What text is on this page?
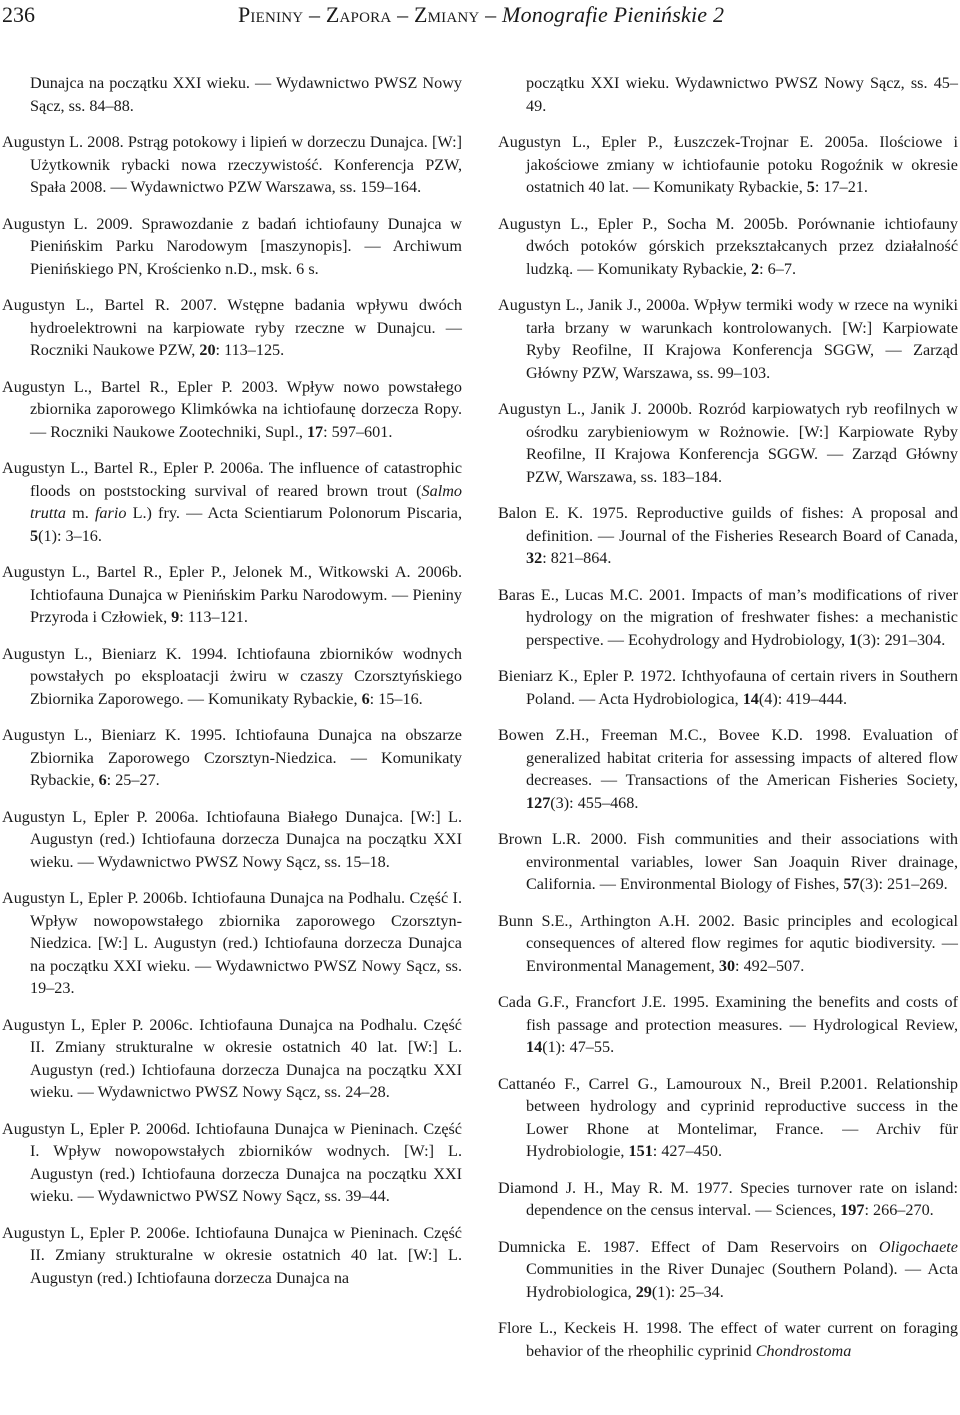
236	Pieniny – Zapora – Zmiany – Monografie Pienińskie 2

Dunajca na początku XXI wieku. — Wydawnictwo PWSZ Nowy Sącz, ss. 84–88.

Augustyn L. 2008. Pstrąg potokowy i lipień w dorzeczu Dunajca. [W:] Użytkownik rybacki nowa rzeczywistość. Konferencja PZW, Spała 2008. — Wydawnictwo PZW Warszawa, ss. 159–164.

Augustyn L. 2009. Sprawozdanie z badań ichtiofauny Dunajca w Pienińskim Parku Narodowym [maszynopis]. — Archiwum Pienińskiego PN, Krościenko n.D., msk. 6 s.

Augustyn L., Bartel R. 2007. Wstępne badania wpływu dwóch hydroelektrowni na karpiowate ryby rzeczne w Dunajcu. — Roczniki Naukowe PZW, 20: 113–125.

Augustyn L., Bartel R., Epler P. 2003. Wpływ nowo powstałego zbiornika zaporowego Klimkówka na ichtiofaunę dorzecza Ropy. — Roczniki Naukowe Zootechniki, Supl., 17: 597–601.

Augustyn L., Bartel R., Epler P. 2006a. The influence of catastrophic floods on poststocking survival of reared brown trout (Salmo trutta m. fario L.) fry. — Acta Scientiarum Polonorum Piscaria, 5(1): 3–16.

Augustyn L., Bartel R., Epler P., Jelonek M., Witkowski A. 2006b. Ichtiofauna Dunajca w Pienińskim Parku Narodowym. — Pieniny Przyroda i Człowiek, 9: 113–121.

Augustyn L., Bieniarz K. 1994. Ichtiofauna zbiorników wodnych powstałych po eksploatacji żwiru w czaszy Czorsztyńskiego Zbiornika Zaporowego. — Komunikaty Rybackie, 6: 15–16.

Augustyn L., Bieniarz K. 1995. Ichtiofauna Dunajca na obszarze Zbiornika Zaporowego Czorsztyn-Niedzica. — Komunikaty Rybackie, 6: 25–27.

Augustyn L, Epler P. 2006a. Ichtiofauna Białego Dunajca. [W:] L. Augustyn (red.) Ichtiofauna dorzecza Dunajca na początku XXI wieku. — Wydawnictwo PWSZ Nowy Sącz, ss. 15–18.

Augustyn L, Epler P. 2006b. Ichtiofauna Dunajca na Podhalu. Część I. Wpływ nowopowstałego zbiornika zaporowego Czorsztyn-Niedzica. [W:] L. Augustyn (red.) Ichtiofauna dorzecza Dunajca na początku XXI wieku. — Wydawnictwo PWSZ Nowy Sącz, ss. 19–23.

Augustyn L, Epler P. 2006c. Ichtiofauna Dunajca na Podhalu. Część II. Zmiany strukturalne w okresie ostatnich 40 lat. [W:] L. Augustyn (red.) Ichtiofauna dorzecza Dunajca na początku XXI wieku. — Wydawnictwo PWSZ Nowy Sącz, ss. 24–28.

Augustyn L, Epler P. 2006d. Ichtiofauna Dunajca w Pieninach. Część I. Wpływ nowopowstałych zbiorników wodnych. [W:] L. Augustyn (red.) Ichtiofauna dorzecza Dunajca na początku XXI wieku. — Wydawnictwo PWSZ Nowy Sącz, ss. 39–44.

Augustyn L, Epler P. 2006e. Ichtiofauna Dunajca w Pieninach. Część II. Zmiany strukturalne w okresie ostatnich 40 lat. [W:] L. Augustyn (red.) Ichtiofauna dorzecza Dunajca na

początku XXI wieku. Wydawnictwo PWSZ Nowy Sącz, ss. 45–49.

Augustyn L., Epler P., Łuszczek-Trojnar E. 2005a. Ilościowe i jakościowe zmiany w ichtiofaunie potoku Rogoźnik w okresie ostatnich 40 lat. — Komunikaty Rybackie, 5: 17–21.

Augustyn L., Epler P., Socha M. 2005b. Porównanie ichtiofauny dwóch potoków górskich przekształcanych przez działalność ludzką. — Komunikaty Rybackie, 2: 6–7.

Augustyn L., Janik J., 2000a. Wpływ termiki wody w rzece na wyniki tarła brzany w warunkach kontrolowanych. [W:] Karpiowate Ryby Reofilne, II Krajowa Konferencja SGGW, — Zarząd Główny PZW, Warszawa, ss. 99–103.

Augustyn L., Janik J. 2000b. Rozród karpiowatych ryb reofilnych w ośrodku zarybieniowym w Rożnowie. [W:] Karpiowate Ryby Reofilne, II Krajowa Konferencja SGGW. — Zarząd Główny PZW, Warszawa, ss. 183–184.

Balon E. K. 1975. Reproductive guilds of fishes: A proposal and definition. — Journal of the Fisheries Research Board of Canada, 32: 821–864.

Baras E., Lucas M.C. 2001. Impacts of man’s modifications of river hydrology on the migration of freshwater fishes: a mechanistic perspective. — Ecohydrology and Hydrobiology, 1(3): 291–304.

Bieniarz K., Epler P. 1972. Ichthyofauna of certain rivers in Southern Poland. — Acta Hydrobiologica, 14(4): 419–444.

Bowen Z.H., Freeman M.C., Bovee K.D. 1998. Evaluation of generalized habitat criteria for assessing impacts of altered flow decreases. — Transactions of the American Fisheries Society, 127(3): 455–468.

Brown L.R. 2000. Fish communities and their associations with environmental variables, lower San Joaquin River drainage, California. — Environmental Biology of Fishes, 57(3): 251–269.

Bunn S.E., Arthington A.H. 2002. Basic principles and ecological consequences of altered flow regimes for aqutic biodiversity. — Environmental Management, 30: 492–507.

Cada G.F., Francfort J.E. 1995. Examining the benefits and costs of fish passage and protection measures. — Hydrological Review, 14(1): 47–55.

Cattanéo F., Carrel G., Lamouroux N., Breil P.2001. Relationship between hydrology and cyprinid reproductive success in the Lower Rhone at Montelimar, France. — Archiv für Hydrobiologie, 151: 427–450.

Diamond J. H., May R. M. 1977. Species turnover rate on island: dependence on the census interval. — Sciences, 197: 266–270.

Dumnicka E. 1987. Effect of Dam Reservoirs on Oligochaete Communities in the River Dunajec (Southern Poland). — Acta Hydrobiologica, 29(1): 25–34.

Flore L., Keckeis H. 1998. The effect of water current on foraging behavior of the rheophilic cyprinid Chondrostoma
